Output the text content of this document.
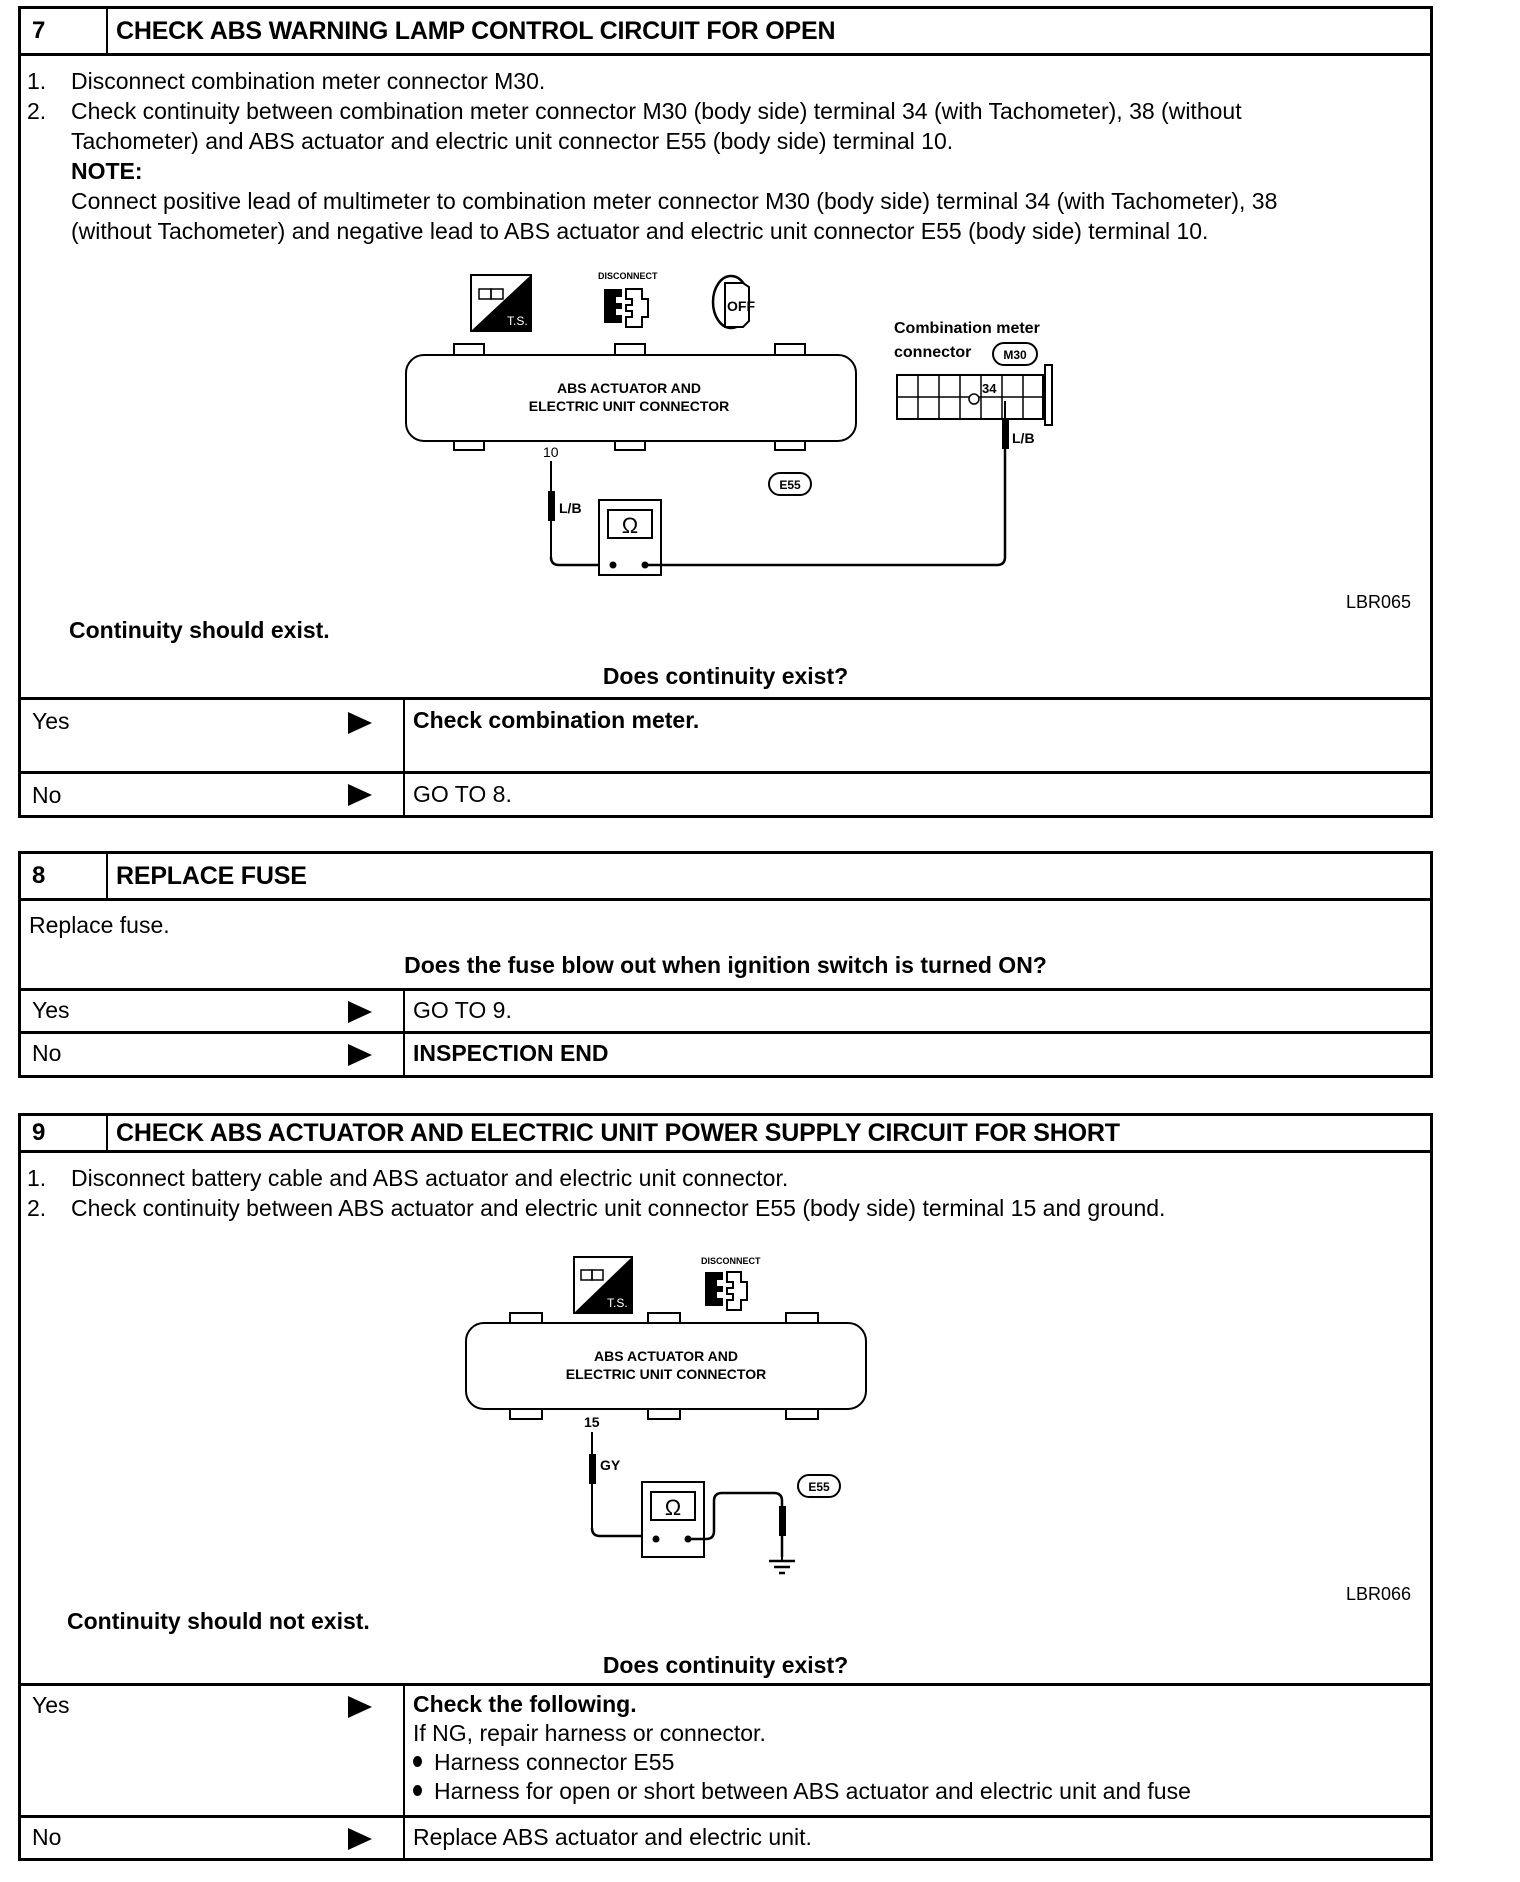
7	CHECK ABS WARNING LAMP CONTROL CIRCUIT FOR OPEN
1. Disconnect combination meter connector M30.
2. Check continuity between combination meter connector M30 (body side) terminal 34 (with Tachometer), 38 (without
Tachometer) and ABS actuator and electric unit connector E55 (body side) terminal 10.
NOTE:
Connect positive lead of multimeter to combination meter connector M30 (body side) terminal 34 (with Tachometer), 38
(without Tachometer) and negative lead to ABS actuator and electric unit connector E55 (body side) terminal 10.
T.S.
DISCONNECT
OFF
ABS ACTUATOR AND
ELECTRIC UNIT CONNECTOR
10
L/B
Ω
E55
Combination meter
connector	M30
34
L/B
LBR065
Continuity should exist.
Does continuity exist?
Yes	Check combination meter.
No	GO TO 8.
8	REPLACE FUSE
Replace fuse.
Does the fuse blow out when ignition switch is turned ON?
Yes	GO TO 9.
No	INSPECTION END
9	CHECK ABS ACTUATOR AND ELECTRIC UNIT POWER SUPPLY CIRCUIT FOR SHORT
1. Disconnect battery cable and ABS actuator and electric unit connector.
2. Check continuity between ABS actuator and electric unit connector E55 (body side) terminal 15 and ground.
T.S.
DISCONNECT
ABS ACTUATOR AND
ELECTRIC UNIT CONNECTOR
15
GY
Ω
E55
LBR066
Continuity should not exist.
Does continuity exist?
Yes	Check the following.
If NG, repair harness or connector.
Harness connector E55
Harness for open or short between ABS actuator and electric unit and fuse
No	Replace ABS actuator and electric unit.
